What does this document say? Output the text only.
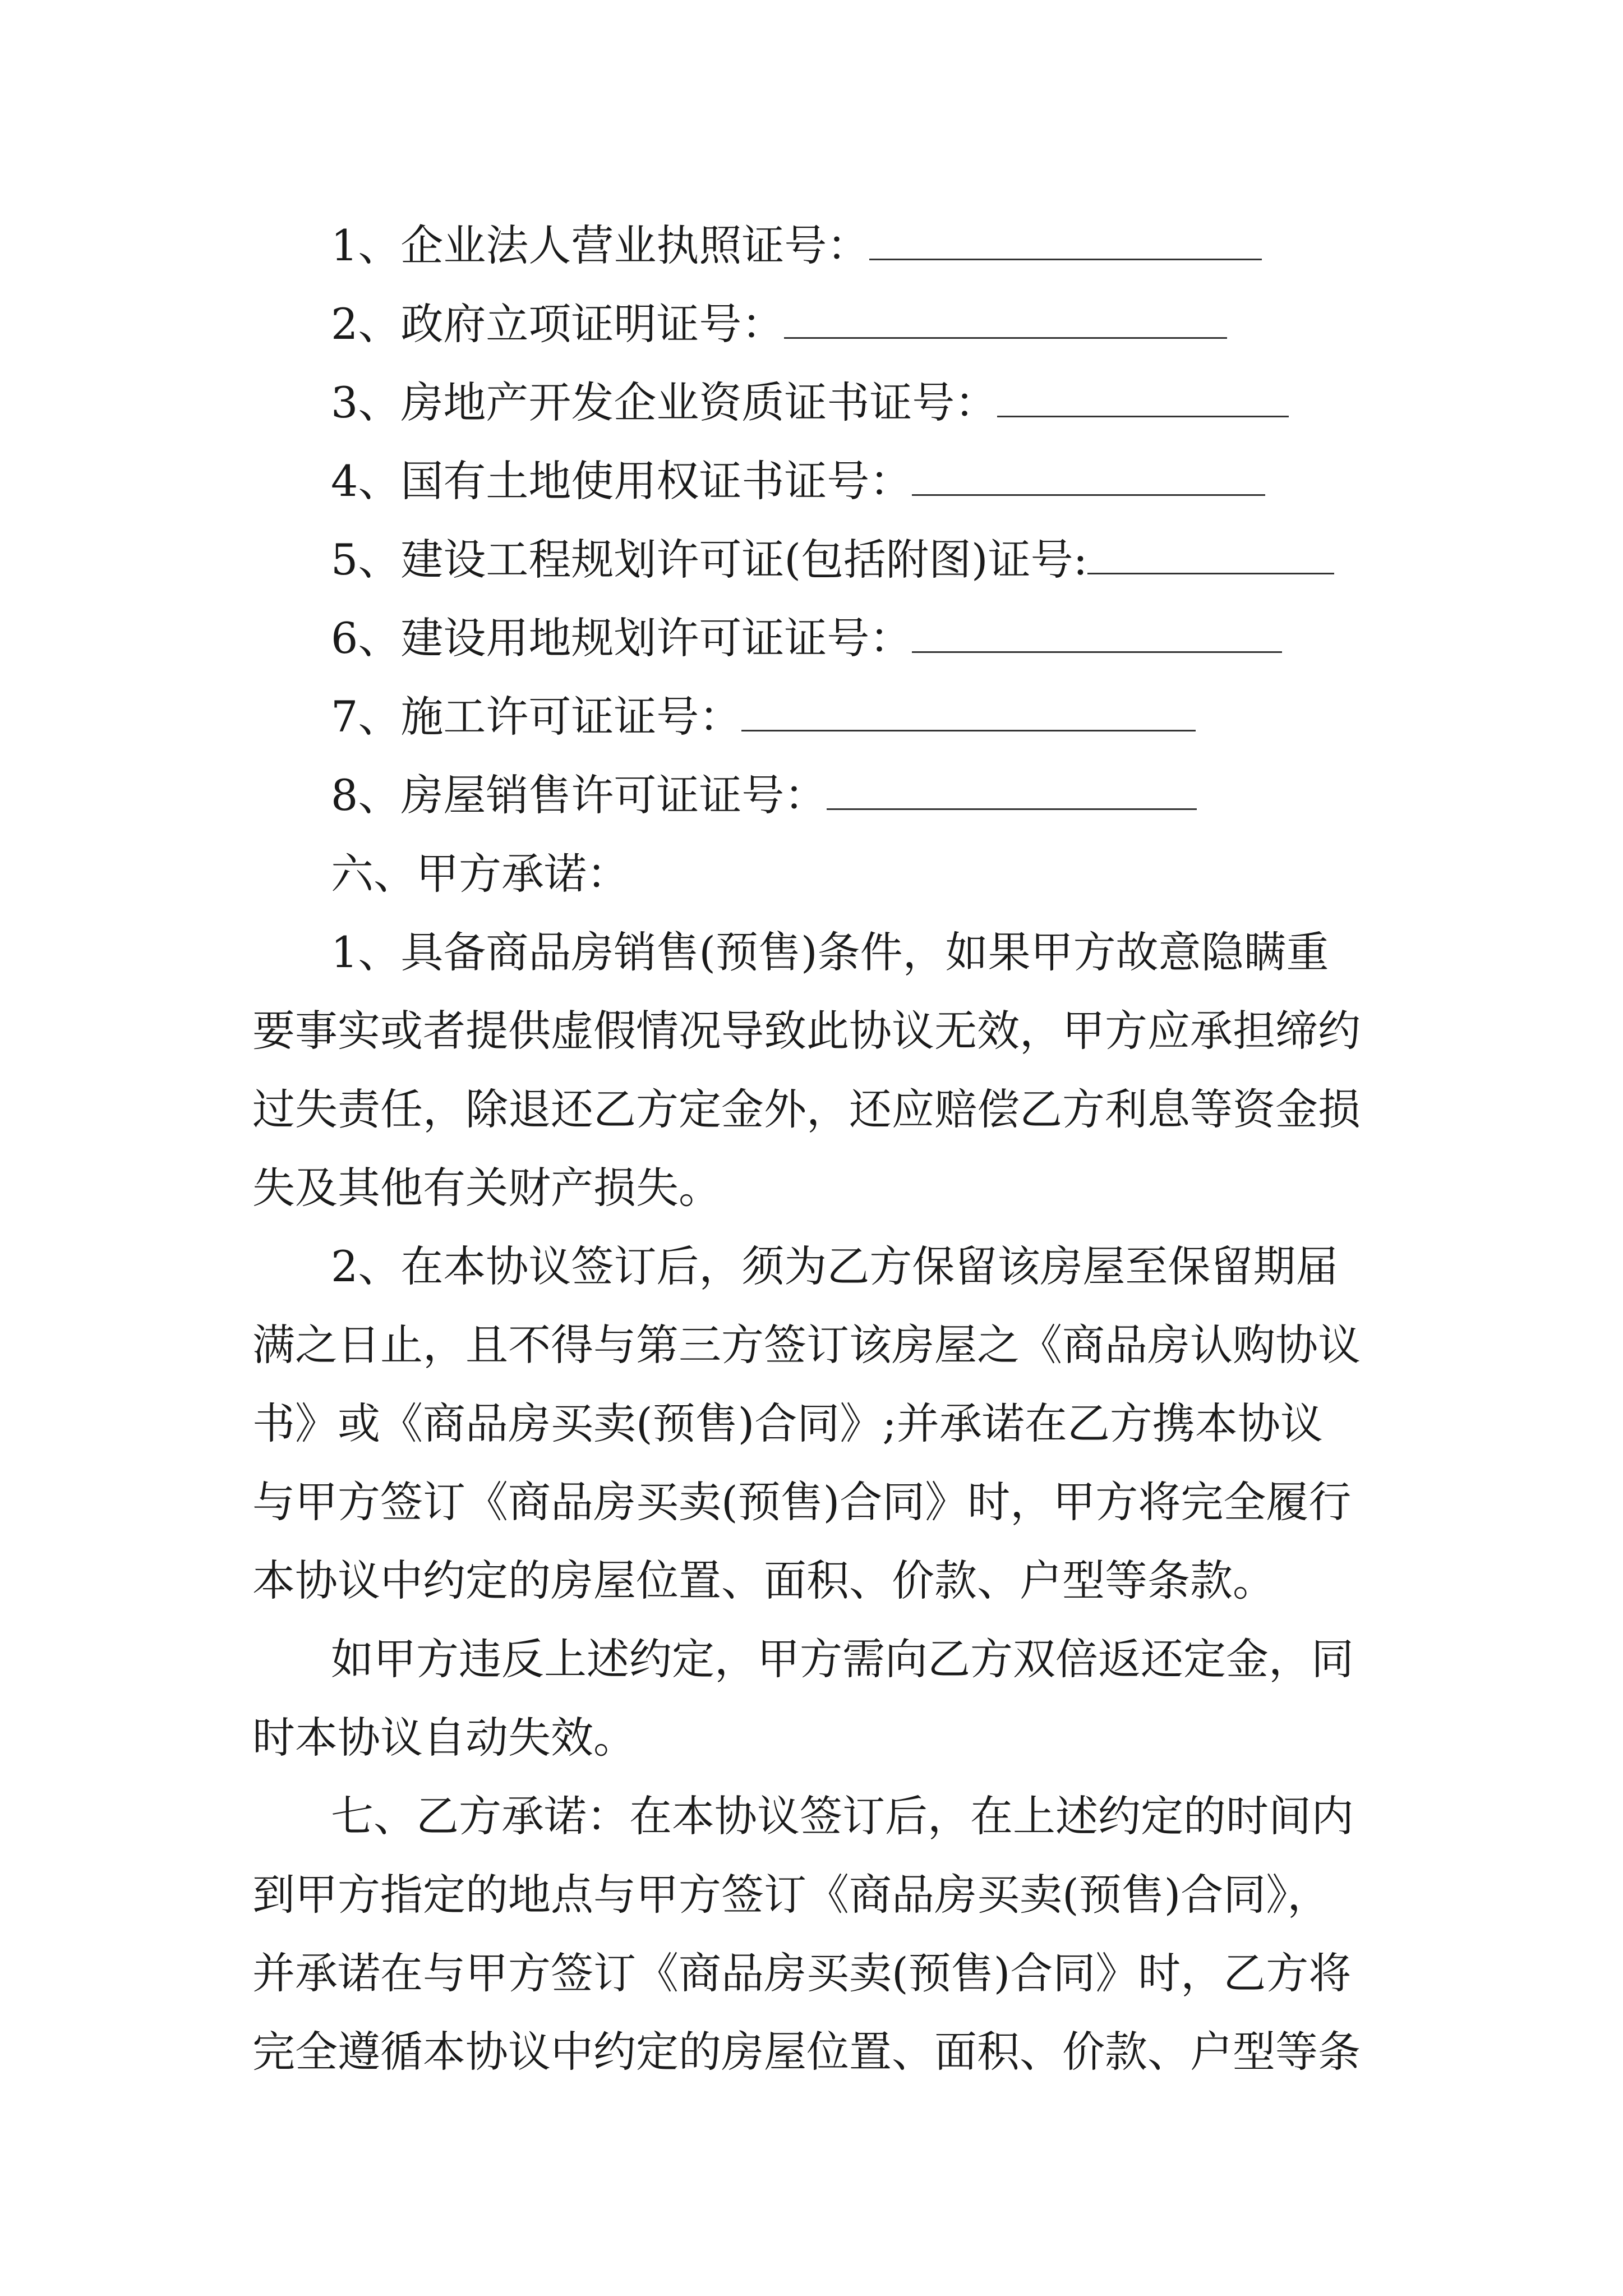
1、企业法人营业执照证号：
2、政府立项证明证号：
3、房地产开发企业资质证书证号：
4、国有土地使用权证书证号：
5、建设工程规划许可证(包括附图)证号:
6、建设用地规划许可证证号：
7、施工许可证证号：
8、房屋销售许可证证号：
六、甲方承诺：
1、具备商品房销售(预售)条件，如果甲方故意隐瞒重
要事实或者提供虚假情况导致此协议无效，甲方应承担缔约
过失责任，除退还乙方定金外，还应赔偿乙方利息等资金损
失及其他有关财产损失。
2、在本协议签订后，须为乙方保留该房屋至保留期届
满之日止，且不得与第三方签订该房屋之《商品房认购协议
书》或《商品房买卖(预售)合同》;并承诺在乙方携本协议
与甲方签订《商品房买卖(预售)合同》时，甲方将完全履行
本协议中约定的房屋位置、面积、价款、户型等条款。
如甲方违反上述约定，甲方需向乙方双倍返还定金，同
时本协议自动失效。
七、乙方承诺：在本协议签订后，在上述约定的时间内
到甲方指定的地点与甲方签订《商品房买卖(预售)合同》，
并承诺在与甲方签订《商品房买卖(预售)合同》时，乙方将
完全遵循本协议中约定的房屋位置、面积、价款、户型等条
